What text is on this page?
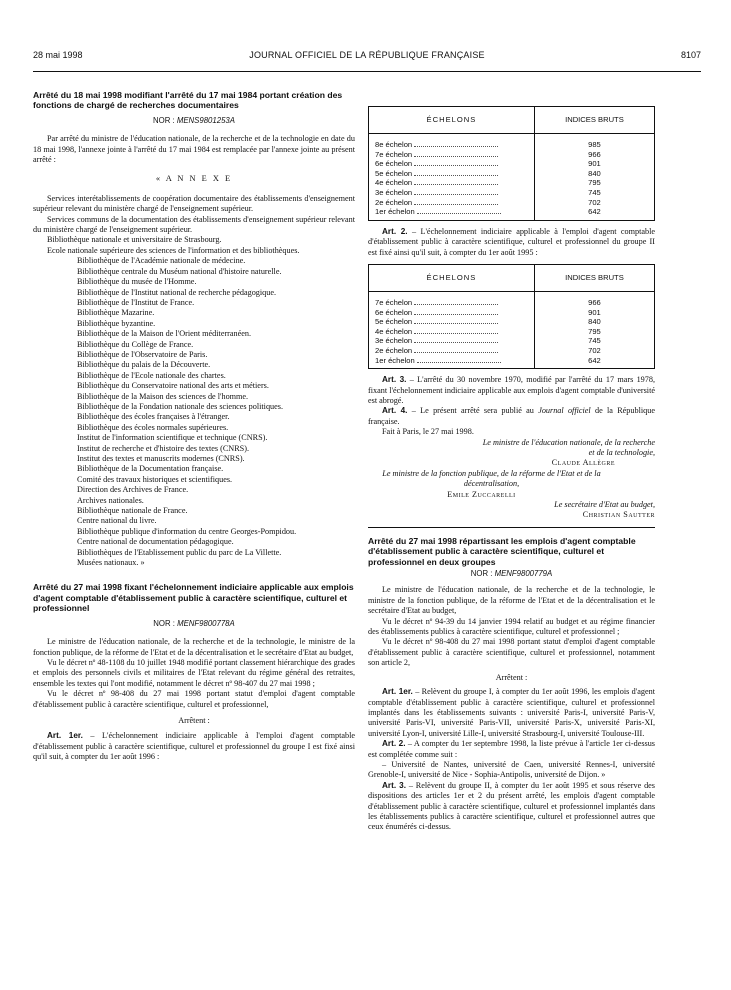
28 mai 1998	JOURNAL OFFICIEL DE LA RÉPUBLIQUE FRANÇAISE	8107
Arrêté du 18 mai 1998 modifiant l'arrêté du 17 mai 1984 portant création des fonctions de chargé de recherches documentaires
NOR : MENS9801253A

Par arrêté du ministre de l'éducation nationale, de la recherche et de la technologie en date du 18 mai 1998, l'annexe jointe à l'arrêté du 17 mai 1984 est remplacée par l'annexe jointe au présent arrêté :

« A N N E X E

Services interétablissements de coopération documentaire des établissements d'enseignement supérieur relevant du ministère chargé de l'enseignement supérieur.

Services communs de la documentation des établissements d'enseignement supérieur relevant du ministère chargé de l'enseignement supérieur.

Bibliothèque nationale et universitaire de Strasbourg.

Ecole nationale supérieure des sciences de l'information et des bibliothèques.

Bibliothèque de l'Académie nationale de médecine.
Bibliothèque centrale du Muséum national d'histoire naturelle.
Bibliothèque du musée de l'Homme.
Bibliothèque de l'Institut national de recherche pédagogique.
Bibliothèque de l'Institut de France.
Bibliothèque Mazarine.
Bibliothèque byzantine.
Bibliothèque de la Maison de l'Orient méditerranéen.
Bibliothèque du Collège de France.
Bibliothèque de l'Observatoire de Paris.
Bibliothèque du palais de la Découverte.
Bibliothèque de l'Ecole nationale des chartes.
Bibliothèque du Conservatoire national des arts et métiers.
Bibliothèque de la Maison des sciences de l'homme.
Bibliothèque de la Fondation nationale des sciences politiques.
Bibliothèque des écoles françaises à l'étranger.
Bibliothèque des écoles normales supérieures.
Institut de l'information scientifique et technique (CNRS).
Institut de recherche et d'histoire des textes (CNRS).
Institut des textes et manuscrits modernes (CNRS).
Bibliothèque de la Documentation française.
Comité des travaux historiques et scientifiques.
Direction des Archives de France.
Archives nationales.
Bibliothèque nationale de France.
Centre national du livre.
Bibliothèque publique d'information du centre Georges-Pompidou.
Centre national de documentation pédagogique.
Bibliothèques de l'Etablissement public du parc de La Villette.
Musées nationaux. »
Arrêté du 27 mai 1998 fixant l'échelonnement indiciaire applicable aux emplois d'agent comptable d'établissement public à caractère scientifique, culturel et professionnel
NOR : MENF9800778A

Le ministre de l'éducation nationale, de la recherche et de la technologie, le ministre de la fonction publique, de la réforme de l'Etat et de la décentralisation et le secrétaire d'Etat au budget,

Vu le décret nº 48-1108 du 10 juillet 1948 modifié portant classement hiérarchique des grades et emplois des personnels civils et militaires de l'Etat relevant du régime général des retraites, ensemble les textes qui l'ont modifié, notamment le décret nº 98-407 du 27 mai 1998 ;

Vu le décret nº 98-408 du 27 mai 1998 portant statut d'emploi d'agent comptable d'établissement public à caractère scientifique, culturel et professionnel,

Arrêtent :

Art. 1er. – L'échelonnement indiciaire applicable à l'emploi d'agent comptable d'établissement public à caractère scientifique, culturel et professionnel du groupe I est fixé ainsi qu'il suit, à compter du 1er août 1996 :

ÉCHELONS	INDICES BRUTS
8e échelon	985
7e échelon	966
6e échelon	901
5e échelon	840
4e échelon	795
3e échelon	745
2e échelon	702
1er échelon	642

Art. 2. – L'échelonnement indiciaire applicable à l'emploi d'agent comptable d'établissement public à caractère scientifique, culturel et professionnel du groupe II est fixé ainsi qu'il suit, à compter du 1er août 1995 :

ÉCHELONS	INDICES BRUTS
7e échelon	966
6e échelon	901
5e échelon	840
4e échelon	795
3e échelon	745
2e échelon	702
1er échelon	642

Art. 3. – L'arrêté du 30 novembre 1970, modifié par l'arrêté du 17 mars 1978, fixant l'échelonnement indiciaire applicable aux emplois d'agent comptable d'université est abrogé.

Art. 4. – Le présent arrêté sera publié au Journal officiel de la République française.

Fait à Paris, le 27 mai 1998.

Le ministre de l'éducation nationale, de la recherche et de la technologie,
Claude Allègre
Le ministre de la fonction publique, de la réforme de l'Etat et de la décentralisation,
Emile Zuccarelli
Le secrétaire d'Etat au budget,
Christian Sautter
Arrêté du 27 mai 1998 répartissant les emplois d'agent comptable d'établissement public à caractère scientifique, culturel et professionnel en deux groupes
NOR : MENF9800779A

Le ministre de l'éducation nationale, de la recherche et de la technologie, le ministre de la fonction publique, de la réforme de l'Etat et de la décentralisation et le secrétaire d'Etat au budget,

Vu le décret nº 94-39 du 14 janvier 1994 relatif au budget et au régime financier des établissements publics à caractère scientifique, culturel et professionnel ;

Vu le décret nº 98-408 du 27 mai 1998 portant statut d'emploi d'agent comptable d'établissement public à caractère scientifique, culturel et professionnel, notamment son article 2,

Arrêtent :

Art. 1er. – Relèvent du groupe I, à compter du 1er août 1996, les emplois d'agent comptable d'établissement public à caractère scientifique, culturel et professionnel implantés dans les établissements suivants : université Paris-I, université Paris-V, université Paris-VI, université Paris-VII, université Paris-X, université Paris-XI, université Lyon-I, université Lille-I, université Strasbourg-I, université Toulouse-III.

Art. 2. – A compter du 1er septembre 1998, la liste prévue à l'article 1er ci-dessus est complétée comme suit :

– Université de Nantes, université de Caen, université Rennes-I, université Grenoble-I, université de Nice - Sophia-Antipolis, université de Dijon. »

Art. 3. – Relèvent du groupe II, à compter du 1er août 1995 et sous réserve des dispositions des articles 1er et 2 du présent arrêté, les emplois d'agent comptable d'établissement public à caractère scientifique, culturel et professionnel implantés dans les établissements publics à caractère scientifique, culturel et professionnel autres que ceux énumérés ci-dessus.
